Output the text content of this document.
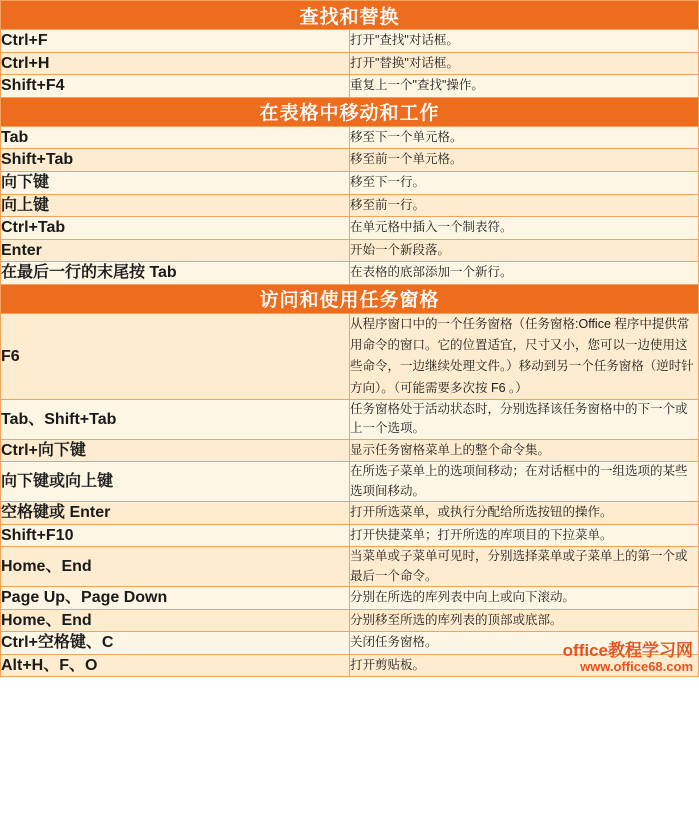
查找和替换	
Ctrl+F	打开"查找"对话框。
Ctrl+H	打开"替换"对话框。
Shift+F4	重复上一个"查找"操作。
在表格中移动和工作	
Tab	移至下一个单元格。
Shift+Tab	移至前一个单元格。
向下键	移至下一行。
向上键	移至前一行。
Ctrl+Tab	在单元格中插入一个制表符。
Enter	开始一个新段落。
在最后一行的末尾按 Tab	在表格的底部添加一个新行。
访问和使用任务窗格	
F6	从程序窗口中的一个任务窗格（任务窗格:Office 程序中提供常用命令的窗口。它的位置适宜，尺寸又小，您可以一边使用这些命令，一边继续处理文件。）移动到另一个任务窗格（逆时针方向）。（可能需要多次按 F6 。）
Tab、Shift+Tab	任务窗格处于活动状态时，分别选择该任务窗格中的下一个或上一个选项。
Ctrl+向下键	显示任务窗格菜单上的整个命令集。
向下键或向上键	在所选子菜单上的选项间移动；在对话框中的一组选项的某些选项间移动。
空格键或 Enter	打开所选菜单，或执行分配给所选按钮的操作。
Shift+F10	打开快捷菜单；打开所选的库项目的下拉菜单。
Home、End	当菜单或子菜单可见时，分别选择菜单或子菜单上的第一个或最后一个命令。
Page Up、Page Down	分别在所选的库列表中向上或向下滚动。
Home、End	分别移至所选的库列表的顶部或底部。
Ctrl+空格键、C	关闭任务窗格。
Alt+H、F、O	打开剪贴板。
office教程学习网
www.office68.com
